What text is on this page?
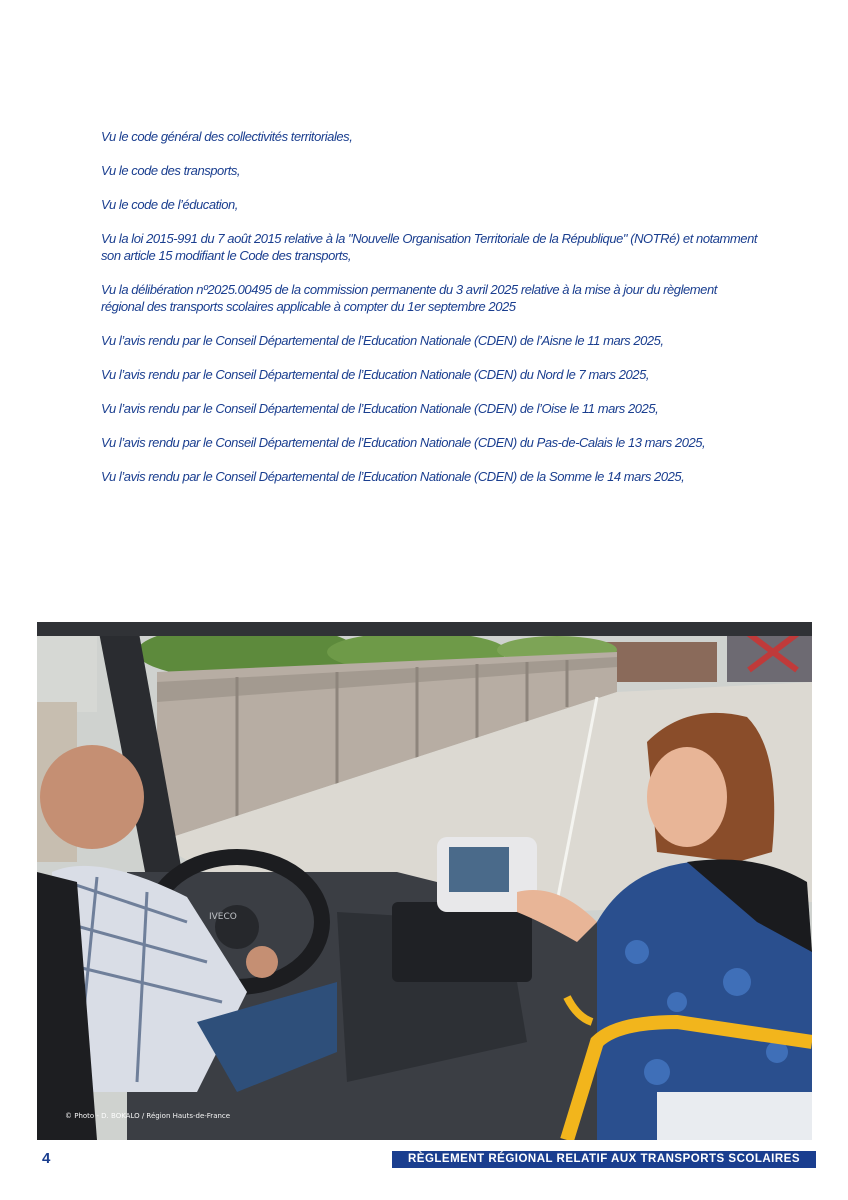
Vu le code général des collectivités territoriales,

Vu le code des transports,

Vu le code de l’éducation,

Vu la loi 2015-991 du 7 août 2015 relative à la "Nouvelle Organisation Territoriale de la République" (NOTRé) et notamment son article 15 modifiant le Code des transports,

Vu la délibération nº2025.00495 de la commission permanente du 3 avril 2025 relative à la mise à jour du règlement régional des transports scolaires applicable à compter du 1er septembre 2025

Vu l’avis rendu par le Conseil Départemental de l’Education Nationale (CDEN) de l’Aisne le 11 mars 2025,

Vu l’avis rendu par le Conseil Départemental de l’Education Nationale (CDEN) du Nord le 7 mars 2025,

Vu l’avis rendu par le Conseil Départemental de l’Education Nationale (CDEN) de l’Oise le 11 mars 2025,

Vu l’avis rendu par le Conseil Départemental de l’Education Nationale (CDEN) du Pas-de-Calais le 13 mars 2025,

Vu l’avis rendu par le Conseil Départemental de l’Education Nationale (CDEN) de la Somme le 14 mars 2025,

IVECO
© Photo - D. BOKALO / Région Hauts-de-France
4	RÈGLEMENT RÉGIONAL RELATIF AUX TRANSPORTS SCOLAIRES
